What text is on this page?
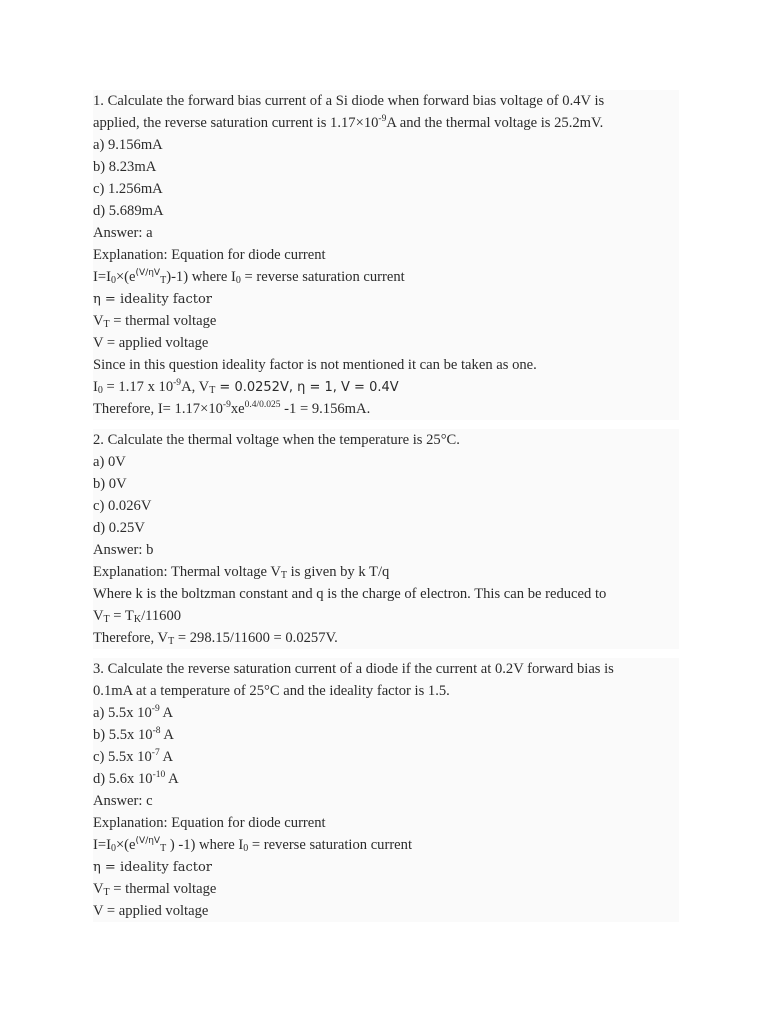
1. Calculate the forward bias current of a Si diode when forward bias voltage of 0.4V is
applied, the reverse saturation current is $1.17\times 10^{-9}A$ and the thermal voltage is 25.2mV.
a) 9.156mA
b) 8.23mA
c) 1.256mA
d) 5.689mA
Answer: a
Explanation: Equation for diode current
$I=I_0\times(e^{(V/\eta V}_T)-1$) where $I_0$ = reverse saturation current
η = ideality factor
$V_T$ = thermal voltage
V = applied voltage
Since in this question ideality factor is not mentioned it can be taken as one.
$I_0 = 1.17$ x $10^{-9}A$, $V_T = 0.0252V$, η = 1, V = 0.4V
Therefore, $I= 1.17\times 10^{-9}xe^{0.4/0.025}$ -1 = 9.156mA.
2. Calculate the thermal voltage when the temperature is 25°C.
a) 0V
b) 0V
c) 0.026V
d) 0.25V
Answer: b
Explanation: Thermal voltage $V_T$ is given by k T/q
Where k is the boltzman constant and q is the charge of electron. This can be reduced to
$V_T = T_K/11600$
Therefore, $V_T = 298.15/11600 = 0.0257V$.
3. Calculate the reverse saturation current of a diode if the current at 0.2V forward bias is
0.1mA at a temperature of 25°C and the ideality factor is 1.5.
a) 5.5x $10^{-9}$ A
b) 5.5x $10^{-8}$ A
c) 5.5x $10^{-7}$ A
d) 5.6x $10^{-10}$ A
Answer: c
Explanation: Equation for diode current
$I=I_0\times(e^{(V/\eta V}_T$ ) -1) where $I_0$ = reverse saturation current
η = ideality factor
$V_T$ = thermal voltage
V = applied voltage
